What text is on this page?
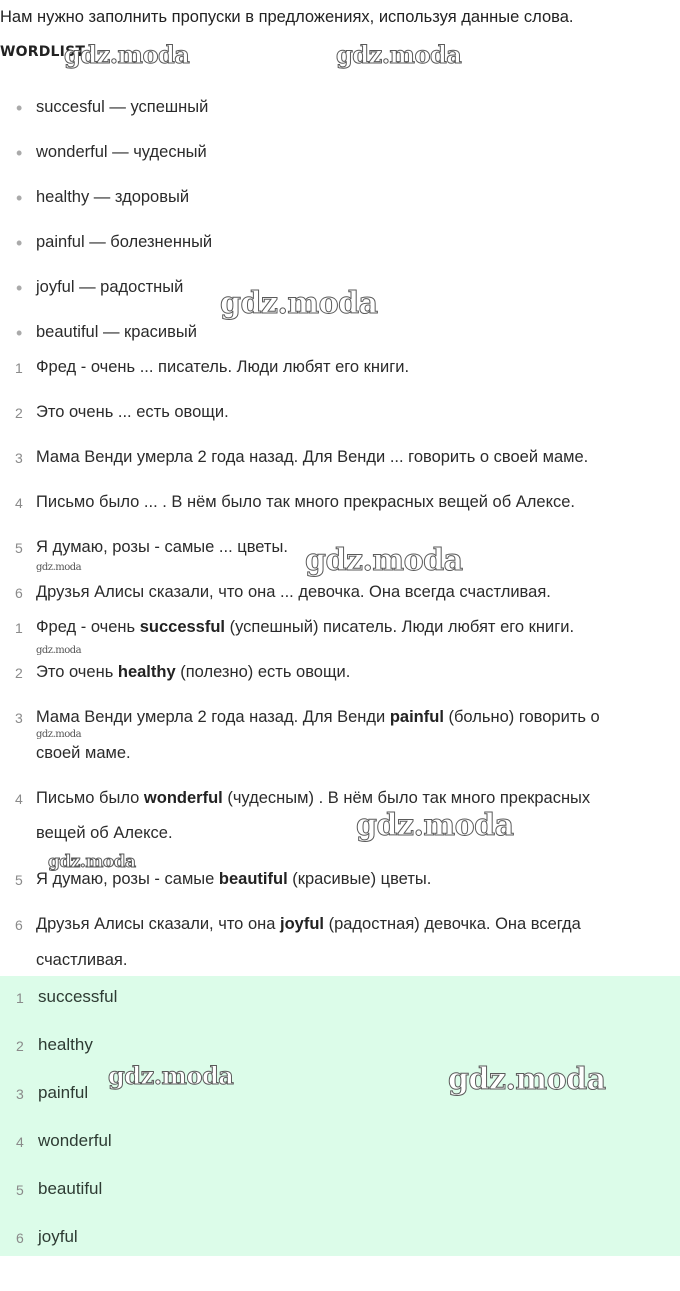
Нам нужно заполнить пропуски в предложениях, используя данные слова.
WORDLIST
• succesful — успешный
• wonderful — чудесный
• healthy — здоровый
• painful — болезненный
• joyful — радостный
• beautiful — красивый
1 Фред - очень ... писатель. Люди любят его книги.
2 Это очень ... есть овощи.
3 Мама Венди умерла 2 года назад. Для Венди ... говорить о своей маме.
4 Письмо было ... . В нём было так много прекрасных вещей об Алексе.
5 Я думаю, розы - самые ... цветы.
6 Друзья Алисы сказали, что она ... девочка. Она всегда счастливая.
1 Фред - очень successful (успешный) писатель. Люди любят его книги.
2 Это очень healthy (полезно) есть овощи.
3 Мама Венди умерла 2 года назад. Для Венди painful (больно) говорить о
своей маме.
4 Письмо было wonderful (чудесным) . В нём было так много прекрасных
вещей об Алексе.
5 Я думаю, розы - самые beautiful (красивые) цветы.
6 Друзья Алисы сказали, что она joyful (радостная) девочка. Она всегда
счастливая.
1 successful
2 healthy
3 painful
4 wonderful
5 beautiful
6 joyful
gdz.moda	gdz.moda
gdz.moda
gdz.moda
gdz.moda
gdz.moda
gdz.moda
gdz.moda
gdz.moda
gdz.moda	gdz.moda
